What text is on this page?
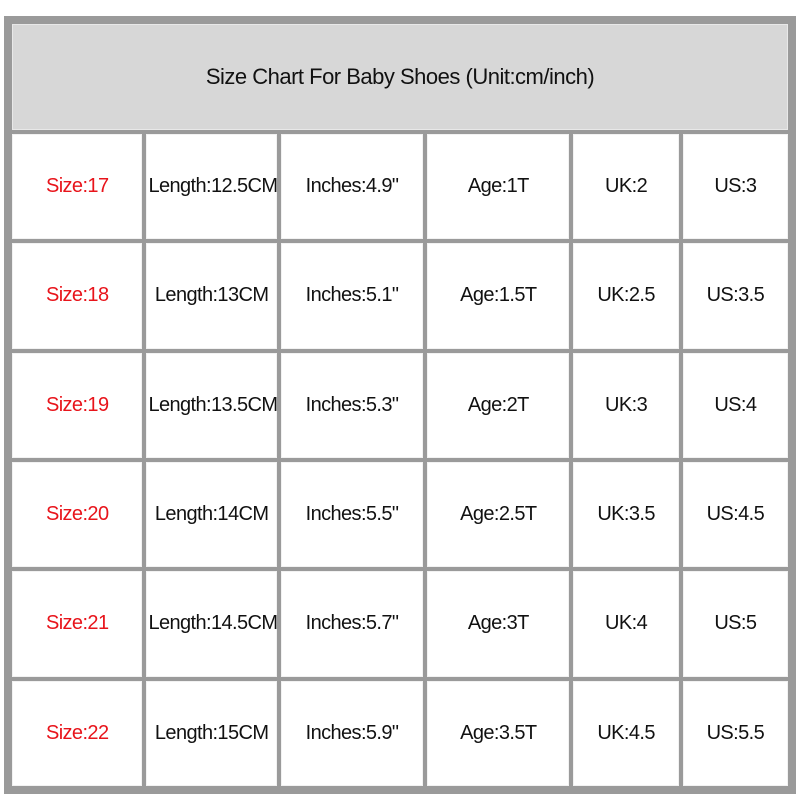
Size Chart For Baby Shoes (Unit:cm/inch)					
Size:17	Length:12.5CM	Inches:4.9"	Age:1T	UK:2	US:3
Size:18	Length:13CM	Inches:5.1"	Age:1.5T	UK:2.5	US:3.5
Size:19	Length:13.5CM	Inches:5.3"	Age:2T	UK:3	US:4
Size:20	Length:14CM	Inches:5.5"	Age:2.5T	UK:3.5	US:4.5
Size:21	Length:14.5CM	Inches:5.7"	Age:3T	UK:4	US:5
Size:22	Length:15CM	Inches:5.9"	Age:3.5T	UK:4.5	US:5.5
